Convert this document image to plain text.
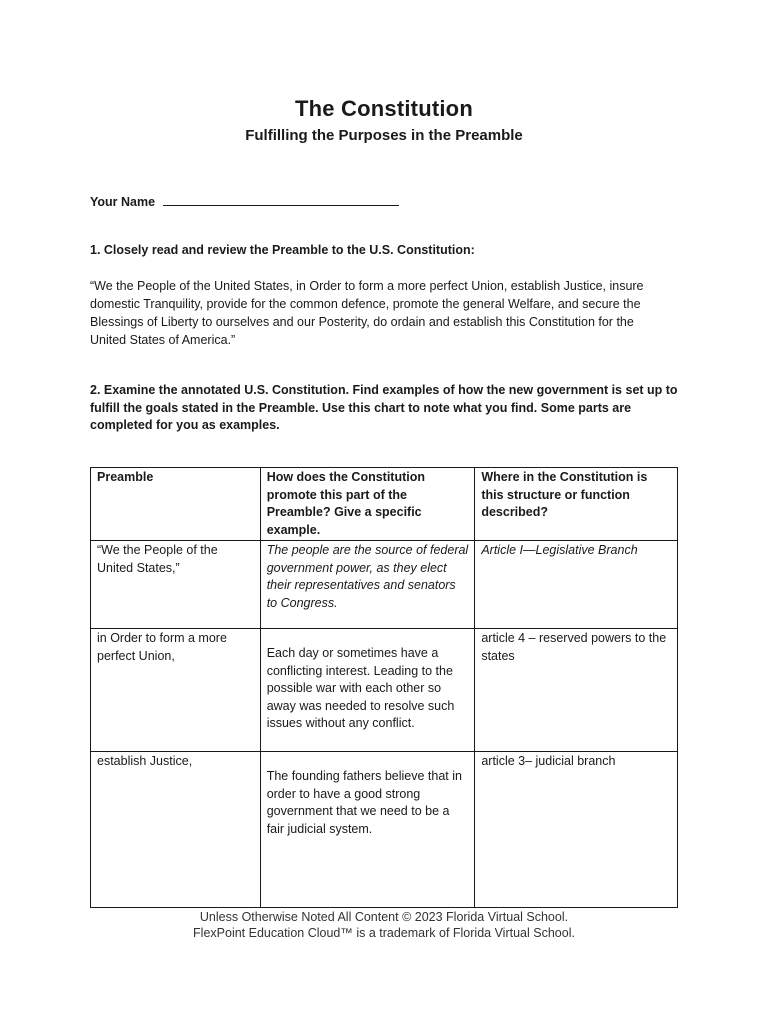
The Constitution
Fulfilling the Purposes in the Preamble
Your Name
1. Closely read and review the Preamble to the U.S. Constitution:
“We the People of the United States, in Order to form a more perfect Union, establish Justice, insure domestic Tranquility, provide for the common defence, promote the general Welfare, and secure the Blessings of Liberty to ourselves and our Posterity, do ordain and establish this Constitution for the United States of America.”
2. Examine the annotated U.S. Constitution. Find examples of how the new government is set up to fulfill the goals stated in the Preamble. Use this chart to note what you find. Some parts are completed for you as examples.
Preamble	How does the Constitution promote this part of the Preamble? Give a specific example.	Where in the Constitution is this structure or function described?
“We the People of the United States,”	The people are the source of federal government power, as they elect their representatives and senators to Congress.	Article I—Legislative Branch
in Order to form a more perfect Union,	Each day or sometimes have a conflicting interest. Leading to the possible war with each other so away was needed to resolve such issues without any conflict.	article 4 – reserved powers to the states
establish Justice,	The founding fathers believe that in order to have a good strong government that we need to be a fair judicial system.	article 3– judicial branch
Unless Otherwise Noted All Content © 2023 Florida Virtual School.
FlexPoint Education Cloud™ is a trademark of Florida Virtual School.
